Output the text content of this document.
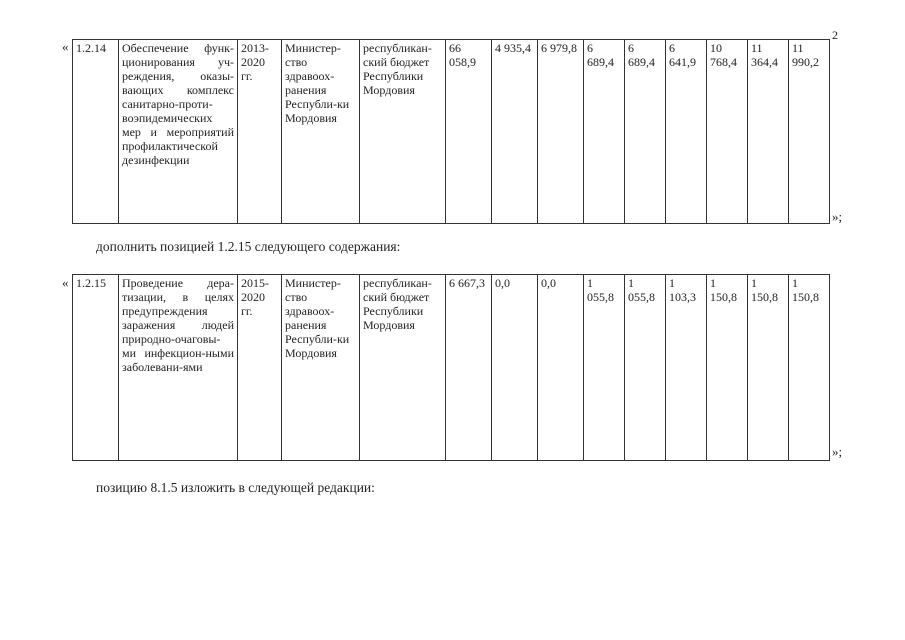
2
« 1.2.14	Обеспечение функ-ционирования уч-реждения, оказы-вающих комплекс санитарно-проти-воэпидемических мер и мероприятий профилактической дезинфекции	2013-2020 гг.	Министер-ство здравоох-ранения Республи-ки Мордовия	республикан-ский бюджет Республики Мордовия	66 058,9	4 935,4	6 979,8	6 689,4	6 689,4	6 641,9	10 768,4	11 364,4	11 990,2
»;
дополнить позицией 1.2.15 следующего содержания:
« 1.2.15	Проведение дера-тизации, в целях предупреждения заражения людей природно-очаговы-ми инфекцион-ными заболевани-ями	2015-2020 гг.	Министер-ство здравоох-ранения Республи-ки Мордовия	республикан-ский бюджет Республики Мордовия	6 667,3	0,0	0,0	1 055,8	1 055,8	1 103,3	1 150,8	1 150,8	1 150,8
»;
позицию 8.1.5 изложить в следующей редакции:
